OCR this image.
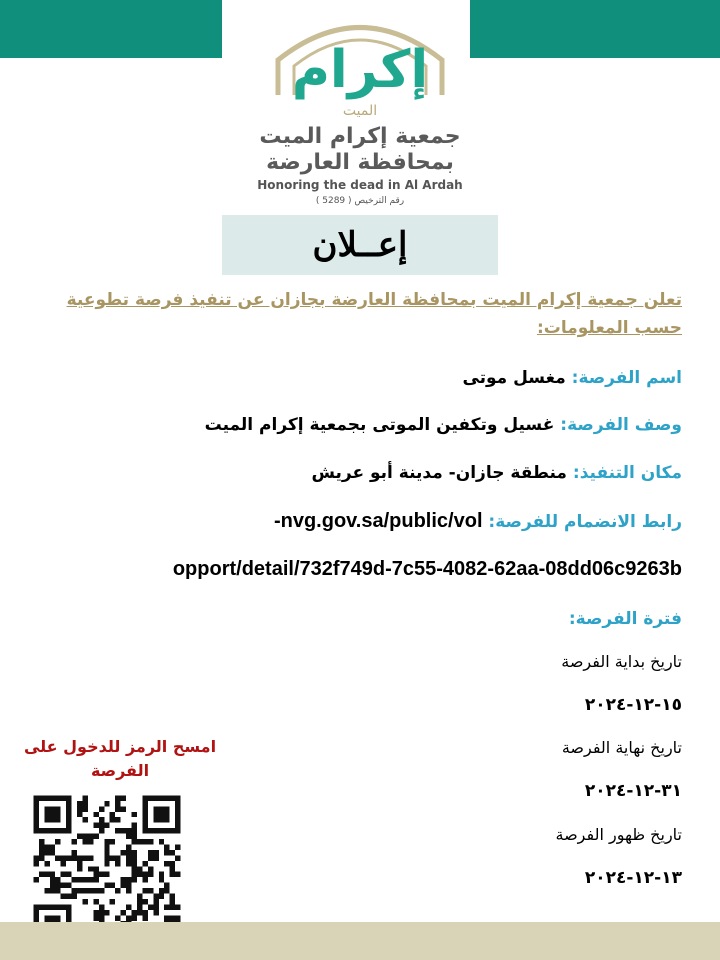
إكرام
الميت
جمعية إكرام الميت
بمحافظة العارضة
Honoring the dead in Al Ardah
رقم الترخيص ( 5289 )
إعــلان

تعلن جمعية إكرام الميت بمحافظة العارضة بجازان عن تنفيذ فرصة تطوعية حسب المعلومات:

اسم الفرصة: مغسل موتى
وصف الفرصة: غسيل وتكفين الموتى بجمعية إكرام الميت
مكان التنفيذ: منطقة جازان- مدينة أبو عريش
رابط الانضمام للفرصة: nvg.gov.sa/public/vol-
opport/detail/732f749d-7c55-4082-62aa-08dd06c9263b
فترة الفرصة:
تاريخ بداية الفرصة
١٥-١٢-٢٠٢٤
تاريخ نهاية الفرصة
٣١-١٢-٢٠٢٤
تاريخ ظهور الفرصة
١٣-١٢-٢٠٢٤
امسح الرمز للدخول على الفرصة
